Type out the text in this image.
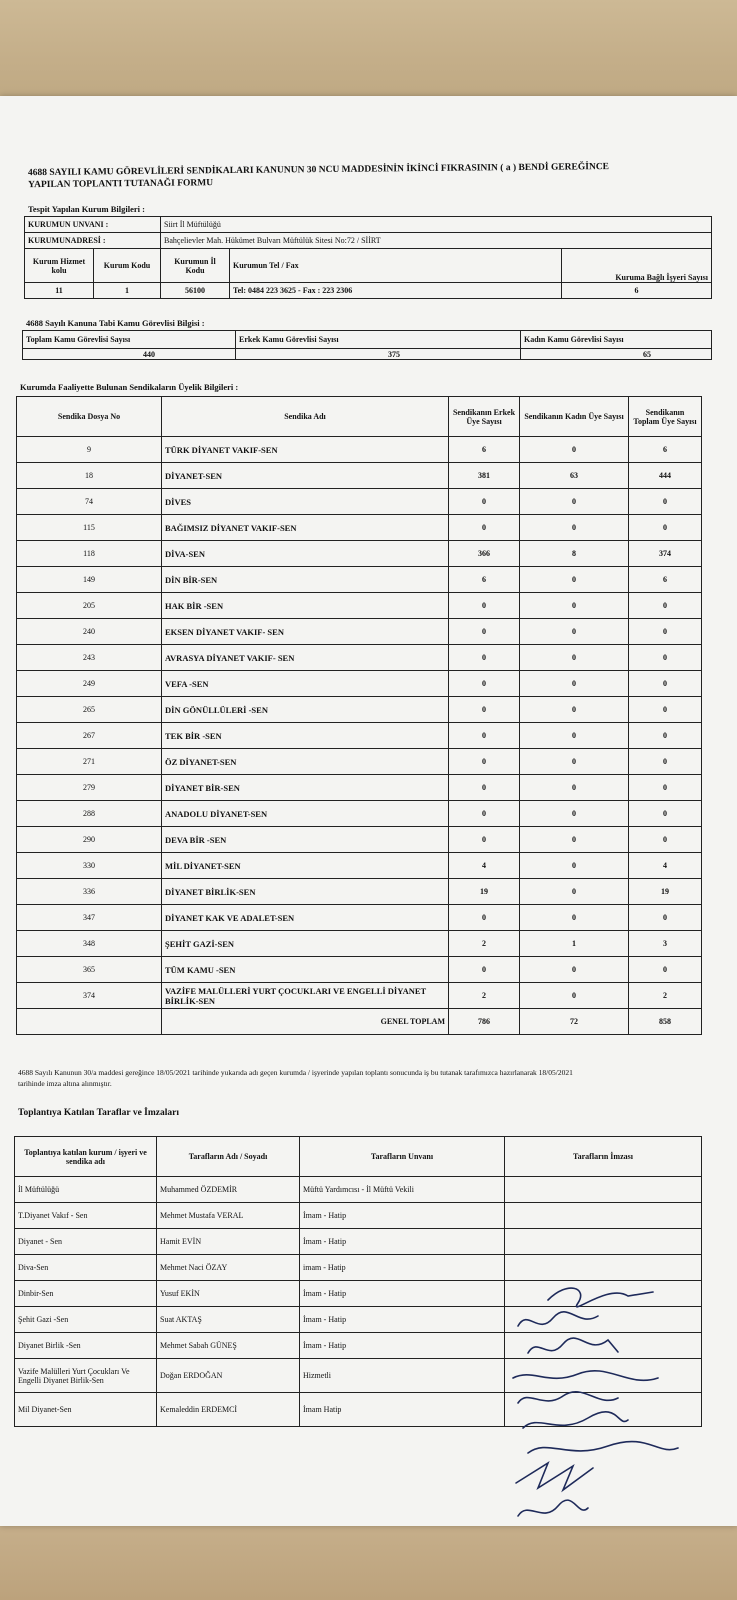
4688 SAYILI KAMU GÖREVLİLERİ SENDİKALARI KANUNUN 30 NCU MADDESİNİN İKİNCİ FIKRASININ ( a ) BENDİ GEREĞİNCE YAPILAN TOPLANTI TUTANAĞI FORMU
Tespit Yapılan Kurum Bilgileri :
KURUMUN UNVANI :		Siirt İl Müftülüğü		
KURUMUNADRESİ :		Bahçelievler Mah. Hükümet Bulvarı Müftülük Sitesi No:72 / SİİRT		
Kurum Hizmet kolu	Kurum Kodu	Kurumun İl Kodu	Kurumun Tel / Fax	Kuruma Bağlı İşyeri Sayısı
11	1	56100	Tel: 0484 223 3625 - Fax : 223 2306	6
4688 Sayılı Kanuna Tabi Kamu Görevlisi Bilgisi :
Toplam Kamu Görevlisi Sayısı	Erkek Kamu Görevlisi Sayısı	Kadın Kamu Görevlisi Sayısı
440	375	65
Kurumda Faaliyette Bulunan Sendikaların Üyelik Bilgileri :
Sendika Dosya No	Sendika Adı	Sendikanın Erkek Üye Sayısı	Sendikanın Kadın Üye Sayısı	Sendikanın Toplam Üye Sayısı
9	TÜRK DİYANET VAKIF-SEN	6	0	6
18	DİYANET-SEN	381	63	444
74	DİVES	0	0	0
115	BAĞIMSIZ DİYANET VAKIF-SEN	0	0	0
118	DİVA-SEN	366	8	374
149	DİN BİR-SEN	6	0	6
205	HAK BİR -SEN	0	0	0
240	EKSEN DİYANET VAKIF- SEN	0	0	0
243	AVRASYA DİYANET VAKIF- SEN	0	0	0
249	VEFA -SEN	0	0	0
265	DİN GÖNÜLLÜLERİ -SEN	0	0	0
267	TEK BİR -SEN	0	0	0
271	ÖZ DİYANET-SEN	0	0	0
279	DİYANET BİR-SEN	0	0	0
288	ANADOLU DİYANET-SEN	0	0	0
290	DEVA BİR -SEN	0	0	0
330	MİL DİYANET-SEN	4	0	4
336	DİYANET BİRLİK-SEN	19	0	19
347	DİYANET KAK VE ADALET-SEN	0	0	0
348	ŞEHİT GAZİ-SEN	2	1	3
365	TÜM KAMU -SEN	0	0	0
374	VAZİFE MALÜLLERİ YURT ÇOCUKLARI VE ENGELLİ DİYANET BİRLİK-SEN	2	0	2
	GENEL TOPLAM	786	72	858
4688 Sayılı Kanunun 30/a maddesi gereğince 18/05/2021 tarihinde yukarıda adı geçen kurumda / işyerinde yapılan toplantı sonucunda iş bu tutanak tarafımızca hazırlanarak 18/05/2021 tarihinde imza altına alınmıştır.
Toplantıya Katılan Taraflar ve İmzaları
Toplantıya katılan kurum / işyeri ve sendika adı	Tarafların Adı / Soyadı	Tarafların Unvanı	Tarafların İmzası
İl Müftülüğü	Muhammed ÖZDEMİR	Müftü Yardımcısı - İl Müftü Vekili	
T.Diyanet Vakıf - Sen	Mehmet Mustafa VERAL	İmam - Hatip	
Diyanet - Sen	Hamit EVİN	İmam - Hatip	
Diva-Sen	Mehmet Naci ÖZAY	imam - Hatip	
Dinbir-Sen	Yusuf EKİN	İmam - Hatip	
Şehit Gazi -Sen	Suat AKTAŞ	İmam - Hatip	
Diyanet Birlik -Sen	Mehmet Sabah GÜNEŞ	İmam - Hatip	
Vazife Malülleri Yurt Çocukları Ve Engelli Diyanet Birlik-Sen	Doğan ERDOĞAN	Hizmetli	
Mil Diyanet-Sen	Kemaleddin ERDEMCİ	İmam Hatip	
